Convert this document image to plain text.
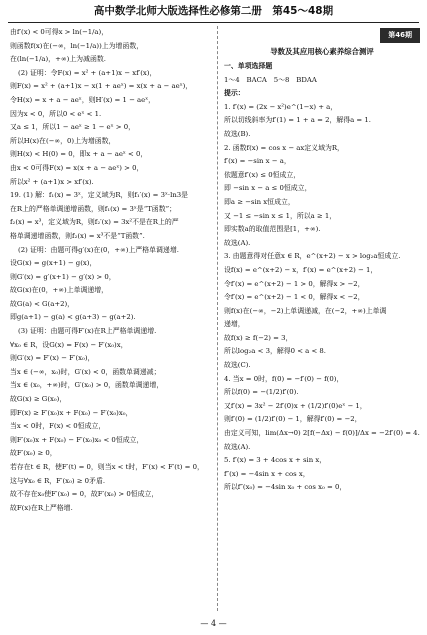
高中数学北师大版选择性必修第二册　第45～48期
由f′(x) < 0可得x > ln(−1/a)，
则函数f(x)在(−∞，ln(−1/a))上为增函数，
在(ln(−1/a)，+∞)上为减函数.
(2) 证明：令F(x) = x² + (a+1)x − xf′(x)，
则F(x) = x² + (a+1)x − x(1 + aeˣ) = x(x + a − aeˣ)，
令H(x) = x + a − aeˣ，则H′(x) = 1 − aeˣ，
因为x < 0，所以0 < eˣ < 1.
又a ≤ 1，所以1 − aeˣ ≥ 1 − eˣ > 0，
所以H(x)在(−∞，0)上为增函数，
则H(x) < H(0) = 0，即x + a − aeˣ < 0，
由x < 0可得F(x) = x(x + a − aeˣ) > 0，
所以x² + (a+1)x > xf′(x).
19. (1) 解：f₁(x) = 3ˣ，定义域为R，则f₁′(x) = 3ˣ·ln3是
在R上的严格单调递增函数，则f₁(x) = 3ˣ是“T函数”；
f₂(x) = x³，定义域为R，则f₂′(x) = 3x²不是在R上的严
格单调递增函数，则f₂(x) = x³不是“T函数”.
(2) 证明：由题可得g′(x)在(0，+∞)上严格单调递增.
设G(x) = g(x+1) − g(x)，
则G′(x) = g′(x+1) − g′(x) > 0，
故G(x)在(0，+∞)上单调递增，
故G(a) < G(a+2)，
即g(a+1) − g(a) < g(a+3) − g(a+2).
(3) 证明：由题可得F′(x)在R上严格单调递增.
∀x₀ ∈ R，设G(x) = F(x) − F′(x₀)x，
则G′(x) = F′(x) − F′(x₀)，
当x ∈ (−∞，x₀)时，G′(x) < 0，函数单调递减；
当x ∈ (x₀，+∞)时，G′(x₀) > 0，函数单调递增，
故G(x) ≥ G(x₀)，
即F(x) ≥ F′(x₀)x + F(x₀) − F′(x₀)x₀，
当x < 0时，F(x) < 0恒成立，
则F′(x₀)x + F(x₀) − F′(x₀)x₀ < 0恒成立，
故F′(x₀) ≥ 0，
若存在t ∈ R，使F′(t) = 0，则当x < t时，F′(x) < F′(t) = 0，
这与∀x₀ ∈ R，F′(x₀) ≥ 0矛盾.
故不存在x₀使F′(x₀) = 0，故F′(x₀) > 0恒成立，
故F(x)在R上严格增.
第46期
导数及其应用核心素养综合测评
一、单项选择题
1～4　BACA　5～8　BDAA
提示：
1. f′(x) = (2x − x²)e^(1−x) + a，
所以切线斜率为f′(1) = 1 + a = 2，解得a = 1.
故选(B).
2. 函数f(x) = cos x − ax定义域为R，
f′(x) = −sin x − a，
依题意f′(x) ≤ 0恒成立，
即 −sin x − a ≤ 0恒成立，
即a ≥ −sin x恒成立，
又 −1 ≤ −sin x ≤ 1，所以a ≥ 1，
即实数a的取值范围是[1，+∞).
故选(A).
3. 由题意得对任意x ∈ R，e^(x+2) − x > log₂a恒成立.
设f(x) = e^(x+2) − x，f′(x) = e^(x+2) − 1，
令f′(x) = e^(x+2) − 1 > 0，解得x > −2，
令f′(x) = e^(x+2) − 1 < 0，解得x < −2，
则f(x)在(−∞，−2)上单调递减，在(−2，+∞)上单调
递增，
故f(x) ≥ f(−2) = 3，
所以log₂a < 3，解得0 < a < 8.
故选(C).
4. 当x = 0时，f(0) = −f′(0) − f(0)，
所以f(0) = −(1/2)f′(0).
又f′(x) = 3x² − 2f′(0)x + (1/2)f′(0)eˣ − 1，
则f′(0) = (1/2)f′(0) − 1，解得f′(0) = −2，
由定义可知，lim(Δx→0) 2[f(−Δx) − f(0)]/Δx = −2f′(0) = 4.
故选(A).
5. f′(x) = 3 + 4cos x + sin x，
f″(x) = −4sin x + cos x，
所以f″(x₀) = −4sin x₀ + cos x₀ = 0，
— 4 —
